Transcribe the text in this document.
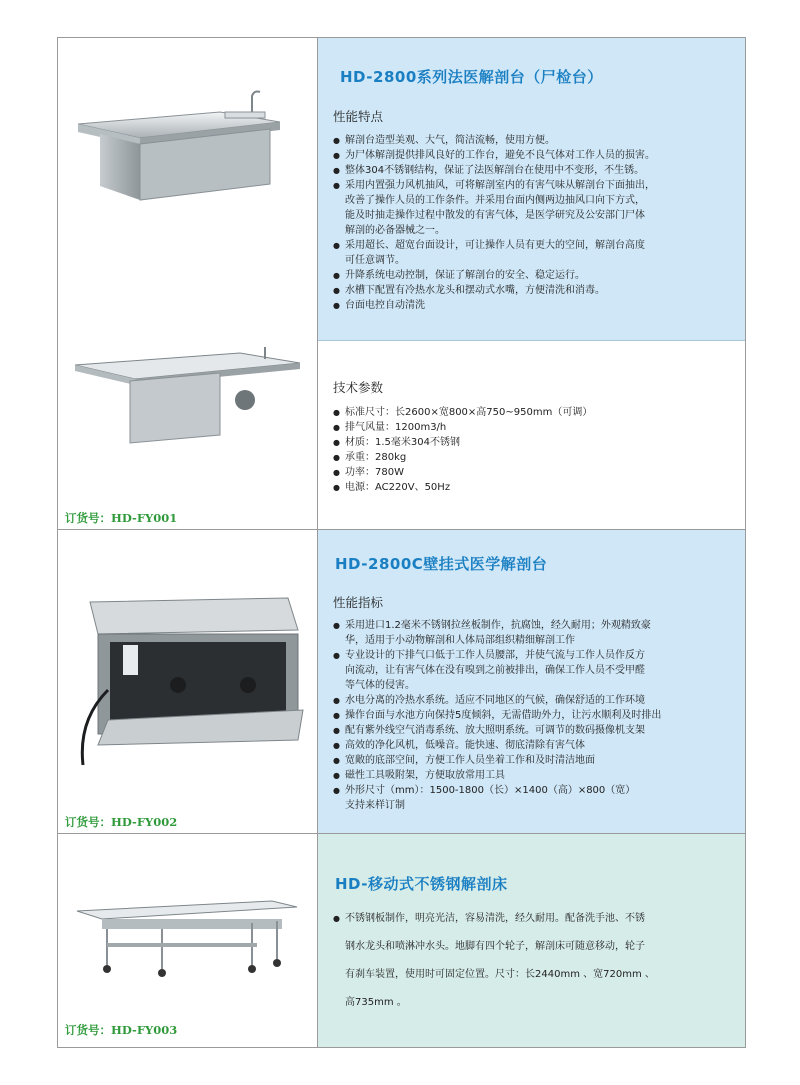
HD-2800系列法医解剖台（尸检台）
性能特点
● 解剖台造型美观、大气，简洁流畅，使用方便。
● 为尸体解剖提供排风良好的工作台，避免不良气体对工作人员的损害。
● 整体304不锈钢结构，保证了法医解剖台在使用中不变形，不生锈。
● 采用内置强力风机抽风，可将解剖室内的有害气味从解剖台下面抽出，
改善了操作人员的工作条件。并采用台面内侧两边抽风口向下方式，
能及时抽走操作过程中散发的有害气体，是医学研究及公安部门尸体
解剖的必备器械之一。
● 采用超长、超宽台面设计，可让操作人员有更大的空间，解剖台高度
可任意调节。
● 升降系统电动控制，保证了解剖台的安全、稳定运行。
● 水槽下配置有冷热水龙头和摆动式水嘴，方便清洗和消毒。
● 台面电控自动清洗
技术参数
● 标准尺寸：长2600×宽800×高750~950mm（可调）
● 排气风量：1200m3/h
● 材质：1.5毫米304不锈钢
● 承重：280kg
● 功率：780W
● 电源：AC220V、50Hz
订货号：HD-FY001
HD-2800C壁挂式医学解剖台
性能指标
● 采用进口1.2毫米不锈钢拉丝板制作，抗腐蚀，经久耐用；外观精致豪
华，适用于小动物解剖和人体局部组织精细解剖工作
● 专业设计的下排气口低于工作人员腰部，并使气流与工作人员作反方
向流动，让有害气体在没有嗅到之前被排出，确保工作人员不受甲醛
等气体的侵害。
● 水电分离的冷热水系统。适应不同地区的气候，确保舒适的工作环境
● 操作台面与水池方向保持5度倾斜，无需借助外力，让污水顺利及时排出
● 配有紫外线空气消毒系统、放大照明系统。可调节的数码摄像机支架
● 高效的净化风机，低噪音。能快速、彻底清除有害气体
● 宽敞的底部空间，方便工作人员坐着工作和及时清洁地面
● 磁性工具吸附架，方便取放常用工具
● 外形尺寸（mm）：1500-1800（长）×1400（高）×800（宽）
支持来样订制
订货号：HD-FY002
HD-移动式不锈钢解剖床
● 不锈钢板制作，明亮光洁，容易清洗，经久耐用。配备洗手池、不锈
钢水龙头和喷淋冲水头。地脚有四个轮子，解剖床可随意移动，轮子
有刹车装置，使用时可固定位置。尺寸：长2440mm 、宽720mm 、
高735mm 。
订货号：HD-FY003
